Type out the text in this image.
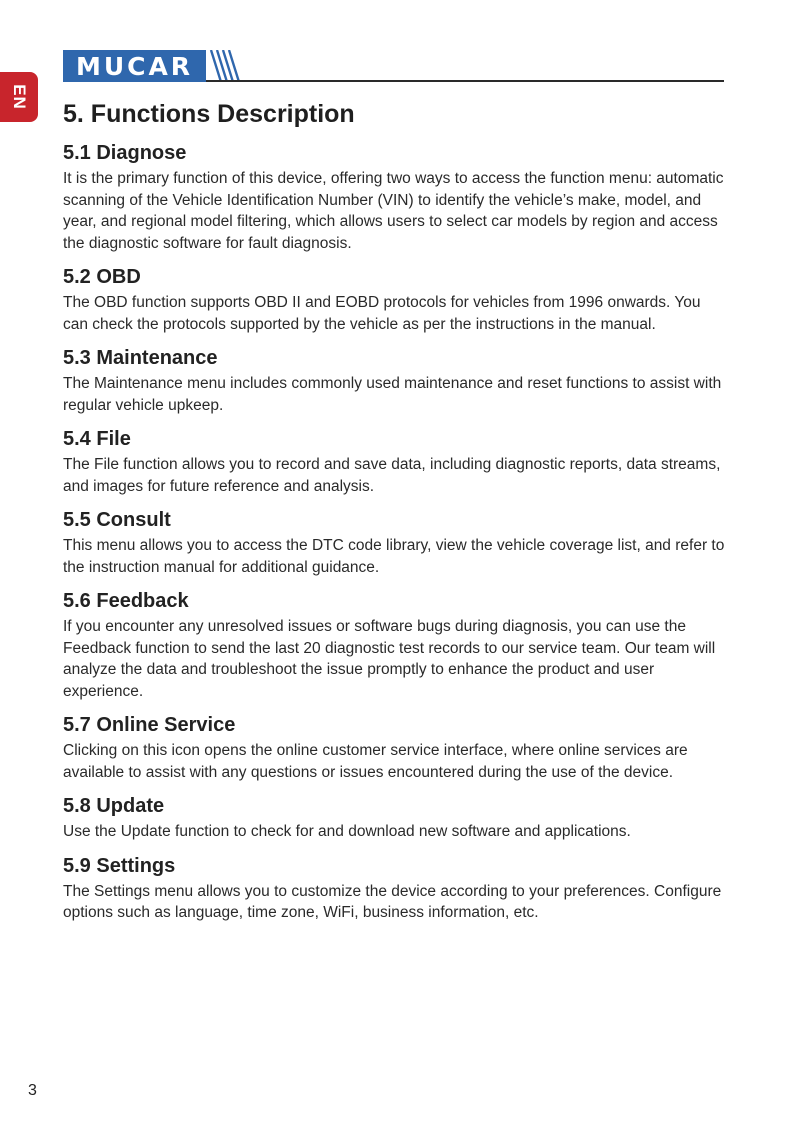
EN
MUCAR
5. Functions Description
5.1 Diagnose

It is the primary function of this device, offering two ways to access the function menu: automatic scanning of the Vehicle Identification Number (VIN) to identify the vehicle’s make, model, and year, and regional model filtering, which allows users to select car models by region and access the diagnostic software for fault diagnosis.

5.2 OBD

The OBD function supports OBD II and EOBD protocols for vehicles from 1996 onwards. You can check the protocols supported by the vehicle as per the instructions in the manual.

5.3 Maintenance

The Maintenance menu includes commonly used maintenance and reset functions to assist with regular vehicle upkeep.

5.4 File

The File function allows you to record and save data, including diagnostic reports, data streams, and images for future reference and analysis.

5.5 Consult

This menu allows you to access the DTC code library, view the vehicle coverage list, and refer to the instruction manual for additional guidance.

5.6 Feedback

If you encounter any unresolved issues or software bugs during diagnosis, you can use the Feedback function to send the last 20 diagnostic test records to our service team. Our team will analyze the data and troubleshoot the issue promptly to enhance the product and user experience.

5.7 Online Service

Clicking on this icon opens the online customer service interface, where online services are available to assist with any questions or issues encountered during the use of the device.

5.8 Update

Use the Update function to check for and download new software and applications.

5.9 Settings

The Settings menu allows you to customize the device according to your preferences. Configure options such as language, time zone, WiFi, business information, etc.

3
